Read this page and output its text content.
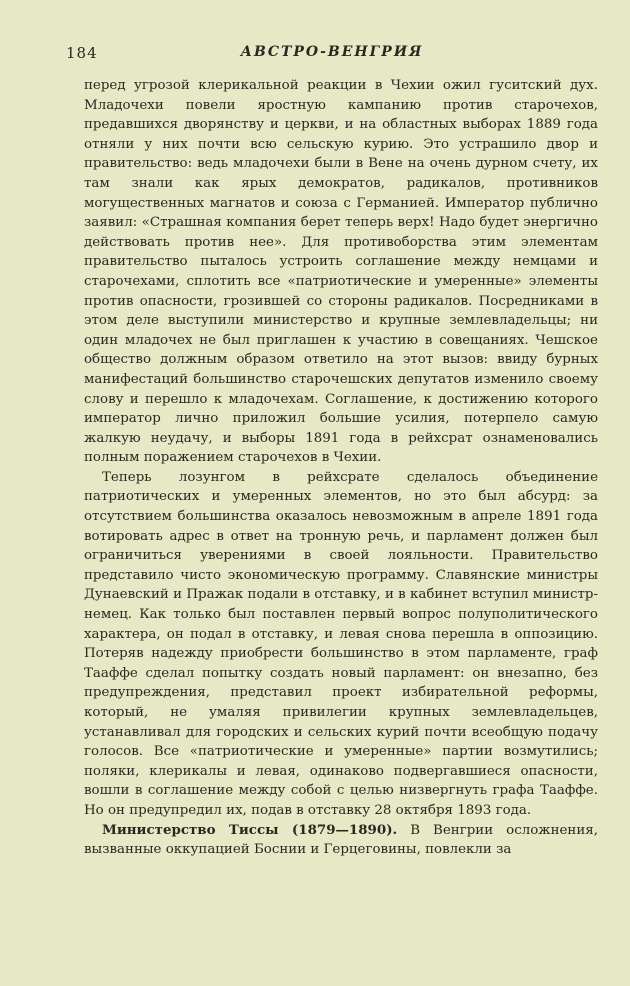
184	АВСТРО-ВЕНГРИЯ

перед угрозой клерикальной реакции в Чехии ожил гуситский дух. Младочехи повели яростную кампанию против старочехов, предавшихся дворянству и церкви, и на областных выборах 1889 года отняли у них почти всю сельскую курию. Это устрашило двор и правительство: ведь младочехи были в Вене на очень дурном счету, их там знали как ярых демократов, радикалов, противников могущественных магнатов и союза с Германией. Император публично заявил: «Страшная компания берет теперь верх! Надо будет энергично действовать против нее». Для противоборства этим элементам правительство пыталось устроить соглашение между немцами и старочехами, сплотить все «патриотические и умеренные» элементы против опасности, грозившей со стороны радикалов. Посредниками в этом деле выступили министерство и крупные землевладельцы; ни один младочех не был приглашен к участию в совещаниях. Чешское общество должным образом ответило на этот вызов: ввиду бурных манифестаций большинство старочешских депутатов изменило своему слову и перешло к младочехам. Соглашение, к достижению которого император лично приложил большие усилия, потерпело самую жалкую неудачу, и выборы 1891 года в рейхсрат ознаменовались полным поражением старочехов в Чехии.

Теперь лозунгом в рейхсрате сделалось объединение патриотических и умеренных элементов, но это был абсурд: за отсутствием большинства оказалось невозможным в апреле 1891 года вотировать адрес в ответ на тронную речь, и парламент должен был ограничиться уверениями в своей лояльности. Правительство представило чисто экономическую программу. Славянские министры Дунаевский и Пражак подали в отставку, и в кабинет вступил министр-немец. Как только был поставлен первый вопрос полуполитического характера, он подал в отставку, и левая снова перешла в оппозицию. Потеряв надежду приобрести большинство в этом парламенте, граф Тааффе сделал попытку создать новый парламент: он внезапно, без предупреждения, представил проект избирательной реформы, который, не умаляя привилегии крупных землевладельцев, устанавливал для городских и сельских курий почти всеобщую подачу голосов. Все «патриотические и умеренные» партии возмутились; поляки, клерикалы и левая, одинаково подвергавшиеся опасности, вошли в соглашение между собой с целью низвергнуть графа Тааффе. Но он предупредил их, подав в отставку 28 октября 1893 года.

Министерство Тиссы (1879—1890). В Венгрии осложнения, вызванные оккупацией Боснии и Герцеговины, повлекли за
